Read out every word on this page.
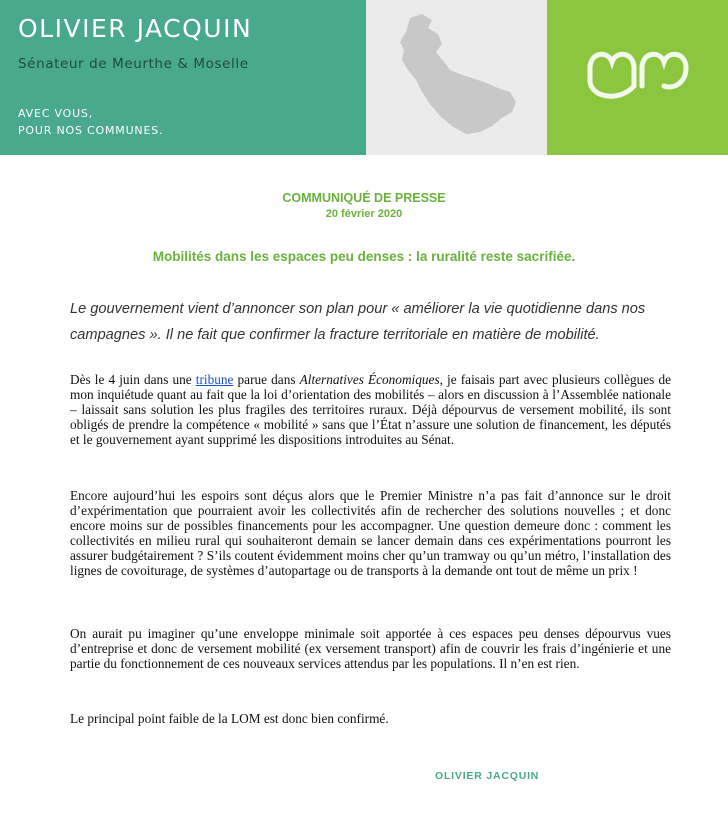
OLIVIER JACQUIN

Sénateur de Meurthe & Moselle

AVEC VOUS,
POUR NOS COMMUNES.

COMMUNIQUÉ DE PRESSE

20 février 2020

Mobilités dans les espaces peu denses : la ruralité reste sacrifiée.

Le gouvernement vient d’annoncer son plan pour « améliorer la vie quotidienne dans nos campagnes ». Il ne fait que confirmer la fracture territoriale en matière de mobilité.

Dès le 4 juin dans une tribune parue dans Alternatives Économiques, je faisais part avec plusieurs collègues de mon inquiétude quant au fait que la loi d’orientation des mobilités – alors en discussion à l’Assemblée nationale – laissait sans solution les plus fragiles des territoires ruraux. Déjà dépourvus de versement mobilité, ils sont obligés de prendre la compétence « mobilité » sans que l’État n’assure une solution de financement, les députés et le gouvernement ayant supprimé les dispositions introduites au Sénat.

Encore aujourd’hui les espoirs sont déçus alors que le Premier Ministre n’a pas fait d’annonce sur le droit d’expérimentation que pourraient avoir les collectivités afin de rechercher des solutions nouvelles ; et donc encore moins sur de possibles financements pour les accompagner. Une question demeure donc : comment les collectivités en milieu rural qui souhaiteront demain se lancer demain dans ces expérimentations pourront les assurer budgétairement ? S’ils coutent évidemment moins cher qu’un tramway ou qu’un métro, l’installation des lignes de covoiturage, de systèmes d’autopartage ou de transports à la demande ont tout de même un prix !

On aurait pu imaginer qu’une enveloppe minimale soit apportée à ces espaces peu denses dépourvus vues d’entreprise et donc de versement mobilité (ex versement transport) afin de couvrir les frais d’ingénierie et une partie du fonctionnement de ces nouveaux services attendus par les populations. Il n’en est rien.

Le principal point faible de la LOM est donc bien confirmé.

OLIVIER JACQUIN
